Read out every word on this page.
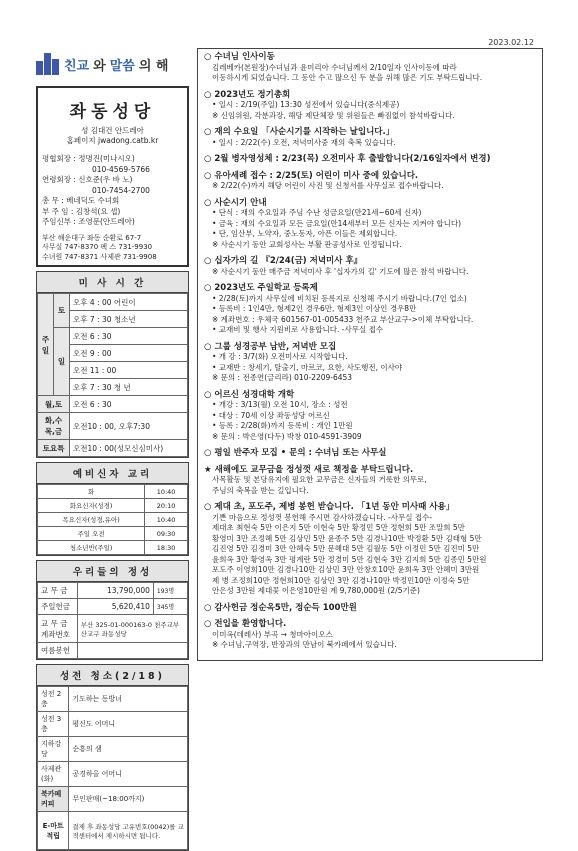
2023.02.12
친교 와 말씀 의 해
좌동성당
성 김대건 안드레아
홈페이지 jwadong.catb.kr
평협회장 : 정명진(미나시오)
010-4569-5766
연령회장 : 신호준(우 바 노)
010-7454-2700
총 무 : 베네딕도 수녀회
부 주 임 : 김창석(요 셉)
주임신부 : 조영문(안드레아)
부산 해운대구 좌동 순환로 67-7
사무실 747-8370 팩 스 731-9930
수녀원 747-8371 사제관 731-9908
미 사 시 간
주일	토	오후 4 : 00 어린이
		오후 7 : 30 청소년
	일	오전 6 : 30
		오전 9 : 00
		오전 11 : 00
		오후 7 : 30 청 년
월,토		오전 6 : 30
화,수 목,금		오전10 : 00, 오후7:30
토요특		오전10 : 00(성모신심미사)
예비신자 교리
화	10:40
화요신자(성경)	20:10
목요신자(성경,유아)	10:40
주일 오전	09:30
청소년반(주일)	18:30
우리들의 정성
교 무 금	13,790,000	193명
주일헌금	5,620,410	345명
교 무 금 계좌번호	부산 325-01-000163-0 천주교부산교구 좌동성당	
여름봉헌		
성전 청소(2/18)
성전 2층	기도하는 동방녀
성전 3층	평신도 어머니
지하강당	순흥의 샘
사제관(화)	공경하올 어머니
북카페커피	무인판매(~18:00까지)
E-마트 적립	결제 후 좌동성당 고유번호(0042)를 교적센터에서 제시하시면 됩니다.
○ 수녀님 인사이동
김레베카(본원장)수녀님과 윤미리아 수녀님께서 2/10일자 인사이동에 따라
이동하시게 되었습니다. 그 동안 수고 많으신 두 분을 위해 많은 기도 부탁드립니다.
○ 2023년도 정기총회
• 일시 : 2/19(주일) 13:30 성전에서 있습니다(중식제공)
※ 신임위원, 각분과장, 해당 제단체장 및 위원들은 빠짐없이 참석바랍니다.
○ 재의 수요일 「사순시기를 시작하는 날입니다.」
• 일시 : 2/22(수) 오전, 저녁미사중 재의 축복 있습니다.
○ 2월 병자영성체 : 2/23(목) 오전미사 후 출발합니다(2/16일자에서 변경)
○ 유아세례 접수 : 2/25(토) 어린이 미사 중에 있습니다.
※ 2/22(수)까지 해당 어린이 사진 및 신청서를 사무실로 접수바랍니다.
○ 사순시기 안내
• 단식 : 재의 수요일과 주님 수난 성금요일(만21세~60세 신자)
• 금육 : 재의 수요일과 모든 금요일(만14세부터 모든 신자는 지켜야 합니다)
• 단, 임산부, 노약자, 중노동자, 아픈 이들은 제외합니다.
※ 사순시기 동안 교회성사는 부활 판공성사로 인정됩니다.
○ 십자가의 길 『2/24(금) 저녁미사 후』
※ 사순시기 동안 매주금 저녁미사 후 '십자가의 길' 기도에 많은 참석 바랍니다.
○ 2023년도 주일학교 등록제
• 2/28(토)까지 사무실에 비치된 등록지로 신청해 주시기 바랍니다.(7인 업소)
• 등록비 : 1인4만, 형제2인 경우6만, 형제3인 이상인 경우8만
※ 계좌번호 : 우체국 601567-01-005433 천주교 부산교구->이체 부탁합니다.
• 교재비 및 행사 지원비로 사용합니다. -사무실 접수
○ 그룹 성경공부 남반, 저녁반 모집
• 개 강 : 3/7(화) 오전미사로 시작합니다.
• 교재반 : 창세기, 탈출기, 마르코, 요한, 사도행전, 이사야
※ 문의 : 전종연(글리라) 010-2209-6453
○ 어르신 성경대학 개학
• 개강 : 3/13(월) 오전 10시, 장소 : 성전
• 대상 : 70세 이상 좌동성당 어르신
• 등록 : 2/28(화)까지 등록비 : 개인 1만원
※ 문의 : 박은영(다두) 박창 010-4591-3909
○ 평일 반주자 모집 • 문의 : 수녀님 또는 사무실
★ 새해에도 교무금을 정성껏 새로 책정을 부탁드립니다.
사목활동 및 본당유지에 필요한 교무금은 신자들의 거룩한 의무로,
주님의 축복을 받는 길입니다.
○ 제대 초, 포도주, 제병 봉헌 받습니다. 「1년 동안 미사때 사용」
기쁜 마음으로 정성껏 봉헌해 주시면 감사하겠습니다. -사무실 접수-
제대초 최현숙 5만 이은지 5만 이현숙 5만 황정민 5만 정현희 5만 조말희 5만
황영미 3만 조정혜 5만 김상민 5만 윤종주 5만 김경나10만 박정환 5만 김태형 5만
김진영 5만 김경미 3만 안혜숙 5만 문혜대 5만 김월동 5만 이정민 5만 김진미 5만
윤희옥 3만 황영옥 3만 평계란 5만 정경미 5만 김현숙 3만 김지희 5만 김종민 5만원
포도주 이영희10만 김경나10만 김상민 3만 안창호10만 윤희옥 3만 안혜미 3만원
제 병 조정희10만 정현희10만 김상민 3만 김경나10만 박정민10만 이정숙 5만
안은성 3만원 제대꽃 이은영10만원 계 9,780,000원 (2/5기준)
○ 감사헌금 정순옥5만, 정순득 100만원
○ 전입을 환영합니다.
이미옥(데레사) 부곡 → 청마아이오스
※ 수녀님,구역장, 반장과의 만남이 북카페에서 있습니다.
